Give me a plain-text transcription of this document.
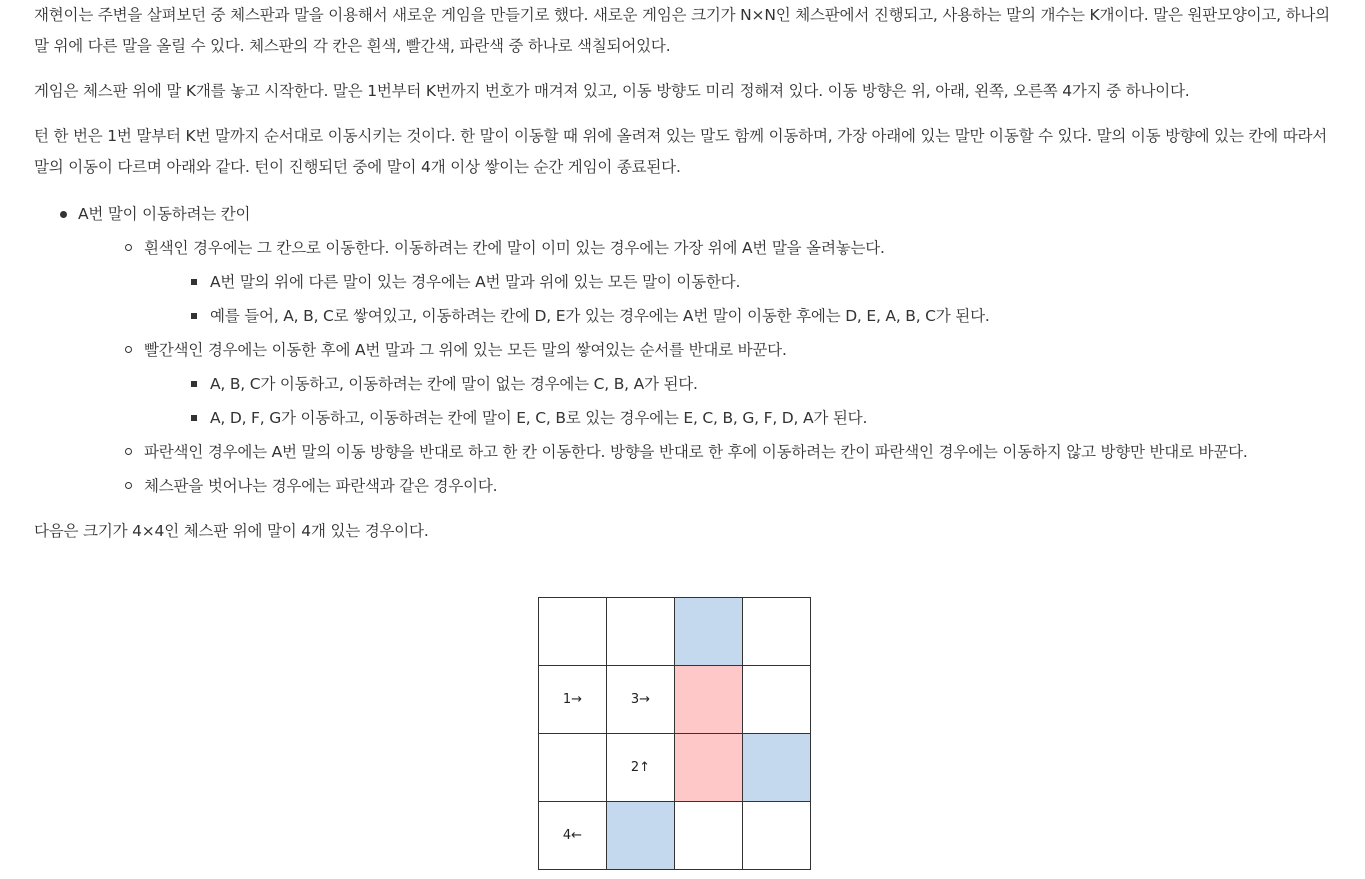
재현이는 주변을 살펴보던 중 체스판과 말을 이용해서 새로운 게임을 만들기로 했다. 새로운 게임은 크기가 N×N인 체스판에서 진행되고, 사용하는 말의 개수는 K개이다. 말은 원판모양이고, 하나의 말 위에 다른 말을 올릴 수 있다. 체스판의 각 칸은 흰색, 빨간색, 파란색 중 하나로 색칠되어있다.

게임은 체스판 위에 말 K개를 놓고 시작한다. 말은 1번부터 K번까지 번호가 매겨져 있고, 이동 방향도 미리 정해져 있다. 이동 방향은 위, 아래, 왼쪽, 오른쪽 4가지 중 하나이다.

턴 한 번은 1번 말부터 K번 말까지 순서대로 이동시키는 것이다. 한 말이 이동할 때 위에 올려져 있는 말도 함께 이동하며, 가장 아래에 있는 말만 이동할 수 있다. 말의 이동 방향에 있는 칸에 따라서 말의 이동이 다르며 아래와 같다. 턴이 진행되던 중에 말이 4개 이상 쌓이는 순간 게임이 종료된다.

A번 말이 이동하려는 칸이
흰색인 경우에는 그 칸으로 이동한다. 이동하려는 칸에 말이 이미 있는 경우에는 가장 위에 A번 말을 올려놓는다.
A번 말의 위에 다른 말이 있는 경우에는 A번 말과 위에 있는 모든 말이 이동한다.
예를 들어, A, B, C로 쌓여있고, 이동하려는 칸에 D, E가 있는 경우에는 A번 말이 이동한 후에는 D, E, A, B, C가 된다.
빨간색인 경우에는 이동한 후에 A번 말과 그 위에 있는 모든 말의 쌓여있는 순서를 반대로 바꾼다.
A, B, C가 이동하고, 이동하려는 칸에 말이 없는 경우에는 C, B, A가 된다.
A, D, F, G가 이동하고, 이동하려는 칸에 말이 E, C, B로 있는 경우에는 E, C, B, G, F, D, A가 된다.
파란색인 경우에는 A번 말의 이동 방향을 반대로 하고 한 칸 이동한다. 방향을 반대로 한 후에 이동하려는 칸이 파란색인 경우에는 이동하지 않고 방향만 반대로 바꾼다.
체스판을 벗어나는 경우에는 파란색과 같은 경우이다.

다음은 크기가 4×4인 체스판 위에 말이 4개 있는 경우이다.

1→	3→		
	2↑		
4←			
